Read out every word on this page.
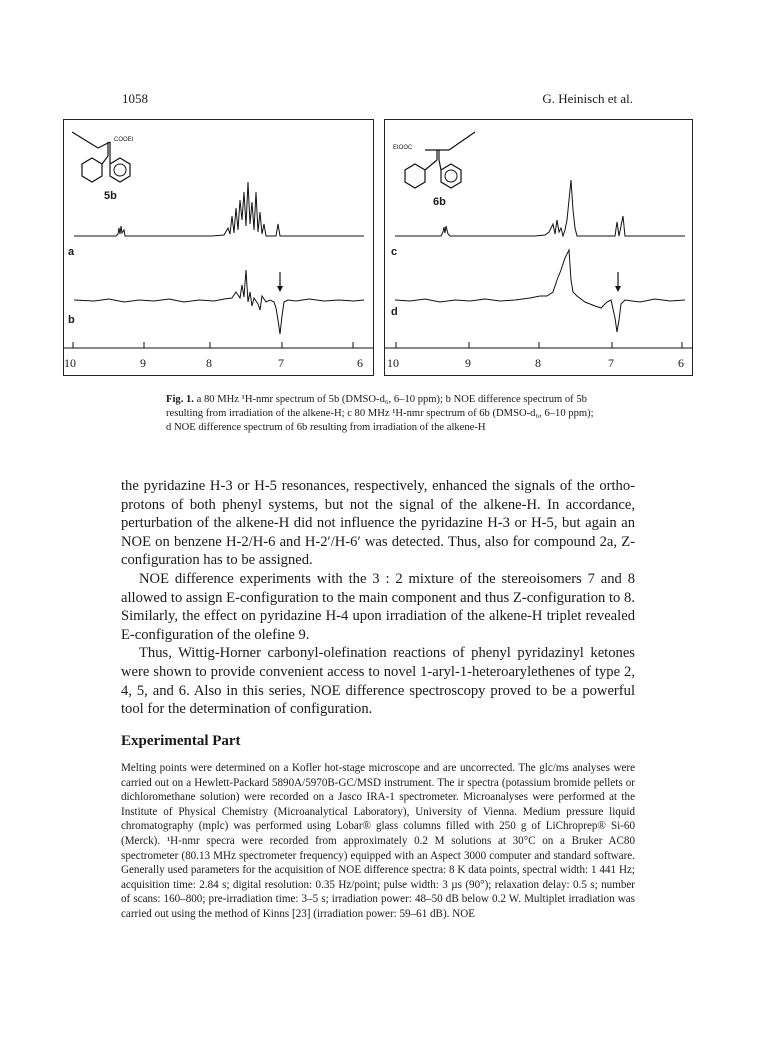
1058	G. Heinisch et al.
COOEt
5b
a
b
10	9	8	7	6
EtOOC
6b
c
d
10	9	8	7	6
Fig. 1. a 80 MHz ¹H-nmr spectrum of 5b (DMSO-d₆, 6–10 ppm); b NOE difference spectrum of 5b resulting from irradiation of the alkene-H; c 80 MHz ¹H-nmr spectrum of 6b (DMSO-d₆, 6–10 ppm); d NOE difference spectrum of 6b resulting from irradiation of the alkene-H

the pyridazine H-3 or H-5 resonances, respectively, enhanced the signals of the ortho-protons of both phenyl systems, but not the signal of the alkene-H. In accordance, perturbation of the alkene-H did not influence the pyridazine H-3 or H-5, but again an NOE on benzene H-2/H-6 and H-2′/H-6′ was detected. Thus, also for compound 2a, Z-configuration has to be assigned.

NOE difference experiments with the 3 : 2 mixture of the stereoisomers 7 and 8 allowed to assign E-configuration to the main component and thus Z-configuration to 8. Similarly, the effect on pyridazine H-4 upon irradiation of the alkene-H triplet revealed E-configuration of the olefine 9.

Thus, Wittig-Horner carbonyl-olefination reactions of phenyl pyridazinyl ketones were shown to provide convenient access to novel 1-aryl-1-heteroarylethenes of type 2, 4, 5, and 6. Also in this series, NOE difference spectroscopy proved to be a powerful tool for the determination of configuration.

Experimental Part

Melting points were determined on a Kofler hot-stage microscope and are uncorrected. The glc/ms analyses were carried out on a Hewlett-Packard 5890A/5970B-GC/MSD instrument. The ir spectra (potassium bromide pellets or dichloromethane solution) were recorded on a Jasco IRA-1 spectrometer. Microanalyses were performed at the Institute of Physical Chemistry (Microanalytical Laboratory), University of Vienna. Medium pressure liquid chromatography (mplc) was performed using Lobar® glass columns filled with 250 g of LiChroprep® Si-60 (Merck). ¹H-nmr specra were recorded from approximately 0.2 M solutions at 30°C on a Bruker AC80 spectrometer (80.13 MHz spectrometer frequency) equipped with an Aspect 3000 computer and standard software. Generally used parameters for the acquisition of NOE difference spectra: 8 K data points, spectral width: 1 441 Hz; acquisition time: 2.84 s; digital resolution: 0.35 Hz/point; pulse width: 3 µs (90°); relaxation delay: 0.5 s; number of scans: 160–800; pre-irradiation time: 3–5 s; irradiation power: 48–50 dB below 0.2 W. Multiplet irradiation was carried out using the method of Kinns [23] (irradiation power: 59–61 dB). NOE
